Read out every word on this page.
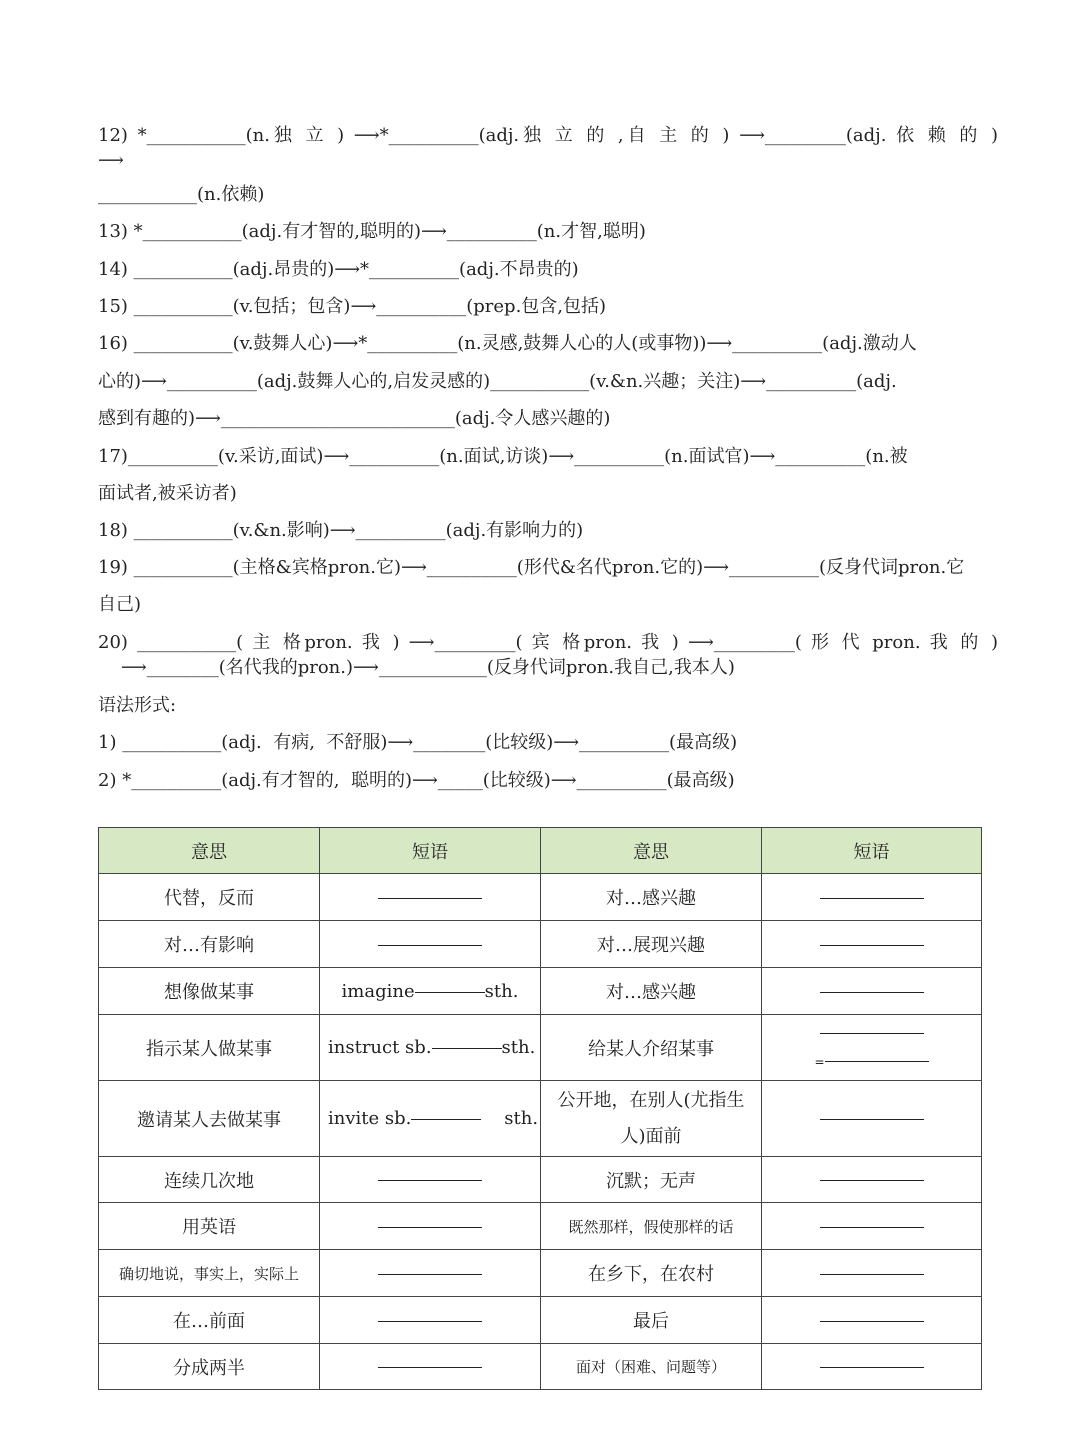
12) *___________(n.独 立 ) ⟶*__________(adj.独 立 的 ,自 主 的 ) ⟶_________(adj. 依 赖 的 )
⟶
___________(n.依赖)
13) *___________(adj.有才智的,聪明的)⟶__________(n.才智,聪明)
14) ___________(adj.昂贵的)⟶*__________(adj.不昂贵的)
15) ___________(v.包括；包含)⟶__________(prep.包含,包括)
16) ___________(v.鼓舞人心)⟶*__________(n.灵感,鼓舞人心的人(或事物))⟶__________(adj.激动人
心的)⟶__________(adj.鼓舞人心的,启发灵感的)___________(v.&n.兴趣；关注)⟶__________(adj.
感到有趣的)⟶__________________________(adj.令人感兴趣的)
17)__________(v.采访,面试)⟶__________(n.面试,访谈)⟶__________(n.面试官)⟶__________(n.被
面试者,被采访者)
18) ___________(v.&n.影响)⟶__________(adj.有影响力的)
19) ___________(主格&宾格pron.它)⟶__________(形代&名代pron.它的)⟶__________(反身代词pron.它
自己)
20) ___________( 主 格pron. 我 ) ⟶_________( 宾 格pron. 我 ) ⟶_________( 形 代 pron. 我 的 )
⟶________(名代我的pron.)⟶____________(反身代词pron.我自己,我本人)
语法形式:
1) ___________(adj.  有病,  不舒服)⟶________(比较级)⟶__________(最高级)
2) *__________(adj.有才智的,  聪明的)⟶_____(比较级)⟶__________(最高级)
意思	短语	意思	短语
代替，反而		对…感兴趣	
对…有影响		对…展现兴趣	
想像做某事	imagine sth.	对…感兴趣	
指示某人做某事	instruct sb. sth.	给某人介绍某事	=
邀请某人去做某事	invite sb. sth.	公开地，在别人(尤指生人)面前	
连续几次地		沉默；无声	
用英语		既然那样，假使那样的话	
确切地说，事实上，实际上		在乡下，在农村	
在…前面		最后	
分成两半		面对（困难、问题等）	
